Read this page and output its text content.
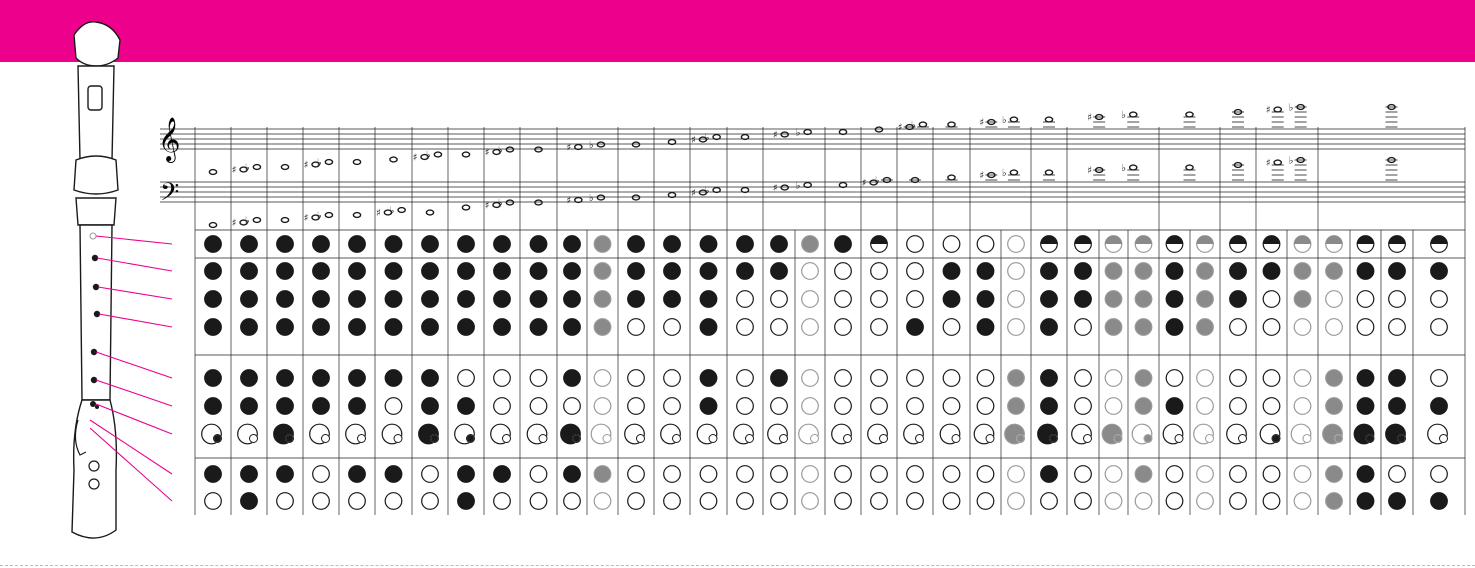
𝄞
𝄢
♯ ♭	♯ ♭	♯ ♭	♯ ♭	♯ ♭	♯ ♭	♯ ♭	♯ ♭	♯ ♭	♯	♭	♯ ♭
♯ ♭	♯ ♭	♯ ♭	♯ ♭	♯ ♭	♯ ♭	♯ ♭	♯ ♭	♯ ♭	♯	♭	♯ ♭
